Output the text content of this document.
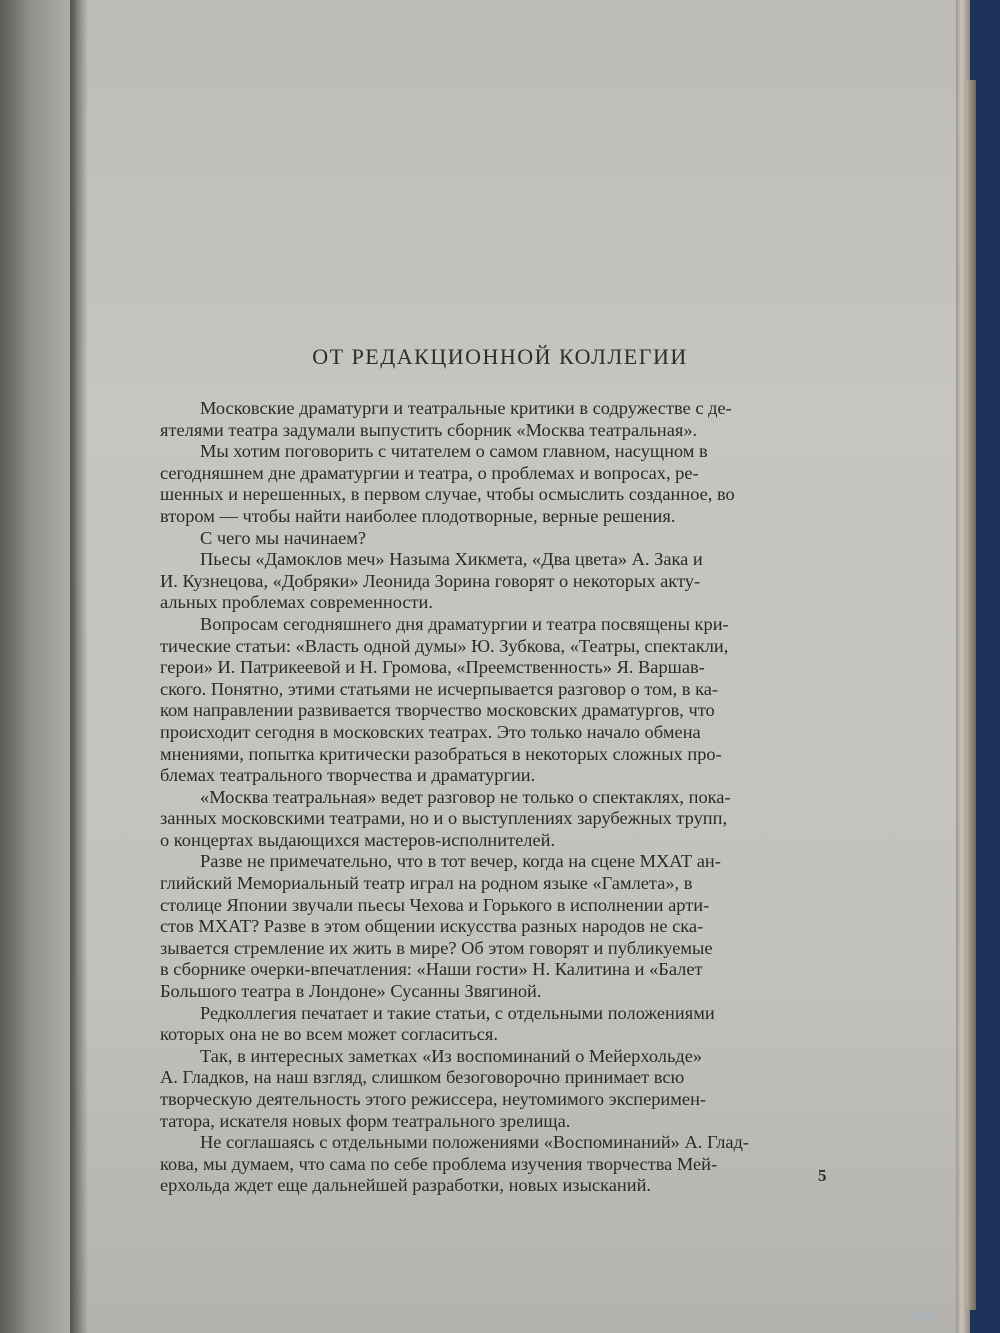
ОТ РЕДАКЦИОННОЙ КОЛЛЕГИИ
Московские драматурги и театральные критики в содружестве с де-
ятелями театра задумали выпустить сборник «Москва театральная».
Мы хотим поговорить с читателем о самом главном, насущном в
сегодняшнем дне драматургии и театра, о проблемах и вопросах, ре-
шенных и нерешенных, в первом случае, чтобы осмыслить созданное, во
втором — чтобы найти наиболее плодотворные, верные решения.
С чего мы начинаем?
Пьесы «Дамоклов меч» Назыма Хикмета, «Два цвета» А. Зака и
И. Кузнецова, «Добряки» Леонида Зорина говорят о некоторых акту-
альных проблемах современности.
Вопросам сегодняшнего дня драматургии и театра посвящены кри-
тические статьи: «Власть одной думы» Ю. Зубкова, «Театры, спектакли,
герои» И. Патрикеевой и Н. Громова, «Преемственность» Я. Варшав-
ского. Понятно, этими статьями не исчерпывается разговор о том, в ка-
ком направлении развивается творчество московских драматургов, что
происходит сегодня в московских театрах. Это только начало обмена
мнениями, попытка критически разобраться в некоторых сложных про-
блемах театрального творчества и драматургии.
«Москва театральная» ведет разговор не только о спектаклях, пока-
занных московскими театрами, но и о выступлениях зарубежных трупп,
о концертах выдающихся мастеров-исполнителей.
Разве не примечательно, что в тот вечер, когда на сцене МХАТ ан-
глийский Мемориальный театр играл на родном языке «Гамлета», в
столице Японии звучали пьесы Чехова и Горького в исполнении арти-
стов МХАТ? Разве в этом общении искусства разных народов не ска-
зывается стремление их жить в мире? Об этом говорят и публикуемые
в сборнике очерки-впечатления: «Наши гости» Н. Калитина и «Балет
Большого театра в Лондоне» Сусанны Звягиной.
Редколлегия печатает и такие статьи, с отдельными положениями
которых она не во всем может согласиться.
Так, в интересных заметках «Из воспоминаний о Мейерхольде»
А. Гладков, на наш взгляд, слишком безоговорочно принимает всю
творческую деятельность этого режиссера, неутомимого эксперимен-
татора, искателя новых форм театрального зрелища.
Не соглашаясь с отдельными положениями «Воспоминаний» А. Глад-
кова, мы думаем, что сама по себе проблема изучения творчества Мей-
ерхольда ждет еще дальнейшей разработки, новых изысканий.	5
ay.by
